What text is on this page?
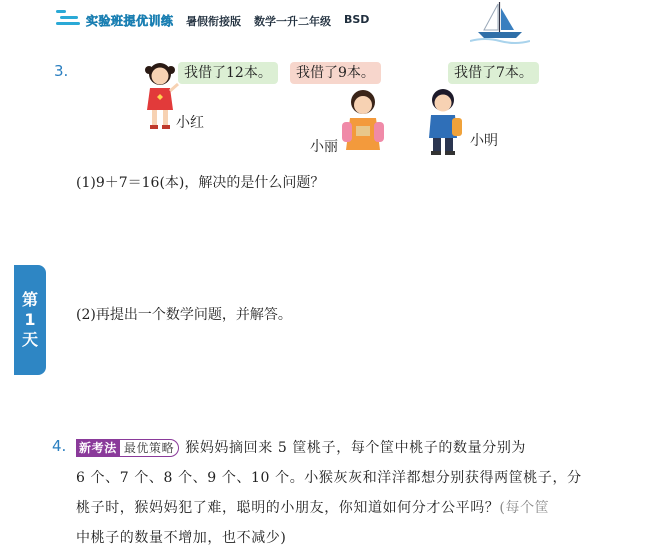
实验班提优训练 暑假衔接版 数学一升二年级 BSD
3.	我借了12本。	我借了9本。	我借了7本。
小红
小丽	小明
(1)9＋7＝16(本)，解决的是什么问题？
(2)再提出一个数学问题，并解答。
第
1
天
4. 新考法 最优策略 猴妈妈摘回来 5 筐桃子，每个筐中桃子的数量分别为
6 个、7 个、8 个、9 个、10 个。小猴灰灰和洋洋都想分别获得两筐桃子，分
桃子时，猴妈妈犯了难，聪明的小朋友，你知道如何分才公平吗？(每个筐
中桃子的数量不增加，也不减少)
